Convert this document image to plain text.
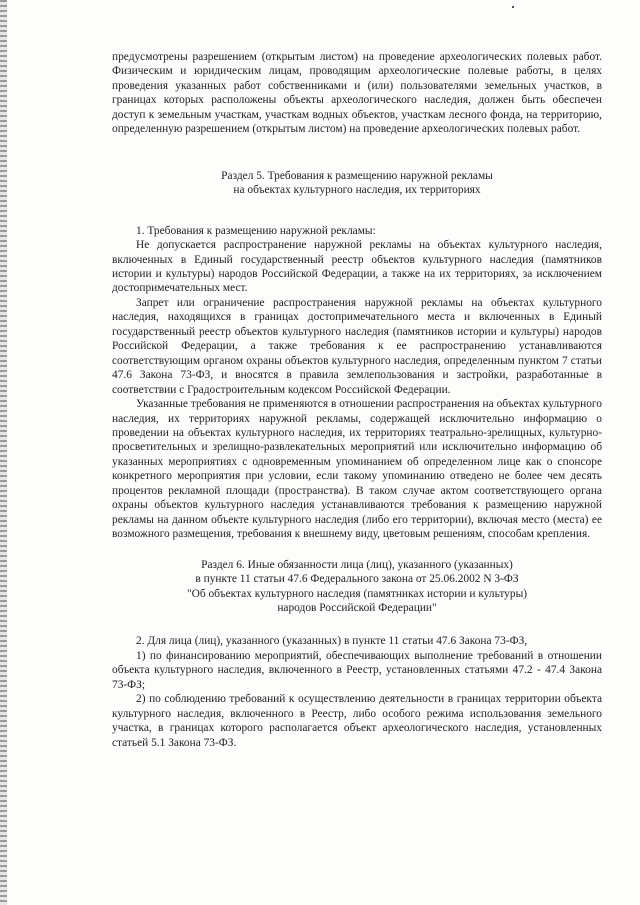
предусмотрены разрешением (открытым листом) на проведение археологических полевых работ. Физическим и юридическим лицам, проводящим археологические полевые работы, в целях проведения указанных работ собственниками и (или) пользователями земельных участков, в границах которых расположены объекты археологического наследия, должен быть обеспечен доступ к земельным участкам, участкам водных объектов, участкам лесного фонда, на территорию, определенную разрешением (открытым листом) на проведение археологических полевых работ.

Раздел 5. Требования к размещению наружной рекламы
на объектах культурного наследия, их территориях

1. Требования к размещению наружной рекламы:

Не допускается распространение наружной рекламы на объектах культурного наследия, включенных в Единый государственный реестр объектов культурного наследия (памятников истории и культуры) народов Российской Федерации, а также на их территориях, за исключением достопримечательных мест.

Запрет или ограничение распространения наружной рекламы на объектах культурного наследия, находящихся в границах достопримечательного места и включенных в Единый государственный реестр объектов культурного наследия (памятников истории и культуры) народов Российской Федерации, а также требования к ее распространению устанавливаются соответствующим органом охраны объектов культурного наследия, определенным пунктом 7 статьи 47.6 Закона 73-ФЗ, и вносятся в правила землепользования и застройки, разработанные в соответствии с Градостроительным кодексом Российской Федерации.

Указанные требования не применяются в отношении распространения на объектах культурного наследия, их территориях наружной рекламы, содержащей исключительно информацию о проведении на объектах культурного наследия, их территориях театрально-зрелищных, культурно-просветительных и зрелищно-развлекательных мероприятий или исключительно информацию об указанных мероприятиях с одновременным упоминанием об определенном лице как о спонсоре конкретного мероприятия при условии, если такому упоминанию отведено не более чем десять процентов рекламной площади (пространства). В таком случае актом соответствующего органа охраны объектов культурного наследия устанавливаются требования к размещению наружной рекламы на данном объекте культурного наследия (либо его территории), включая место (места) ее возможного размещения, требования к внешнему виду, цветовым решениям, способам крепления.

Раздел 6. Иные обязанности лица (лиц), указанного (указанных)
в пункте 11 статьи 47.6 Федерального закона от 25.06.2002 N 3-ФЗ
"Об объектах культурного наследия (памятниках истории и культуры)
народов Российской Федерации"

2. Для лица (лиц), указанного (указанных) в пункте 11 статьи 47.6 Закона 73-ФЗ,

1) по финансированию мероприятий, обеспечивающих выполнение требований в отношении объекта культурного наследия, включенного в Реестр, установленных статьями 47.2 - 47.4 Закона 73-ФЗ;

2) по соблюдению требований к осуществлению деятельности в границах территории объекта культурного наследия, включенного в Реестр, либо особого режима использования земельного участка, в границах которого располагается объект археологического наследия, установленных статьей 5.1 Закона 73-ФЗ.
